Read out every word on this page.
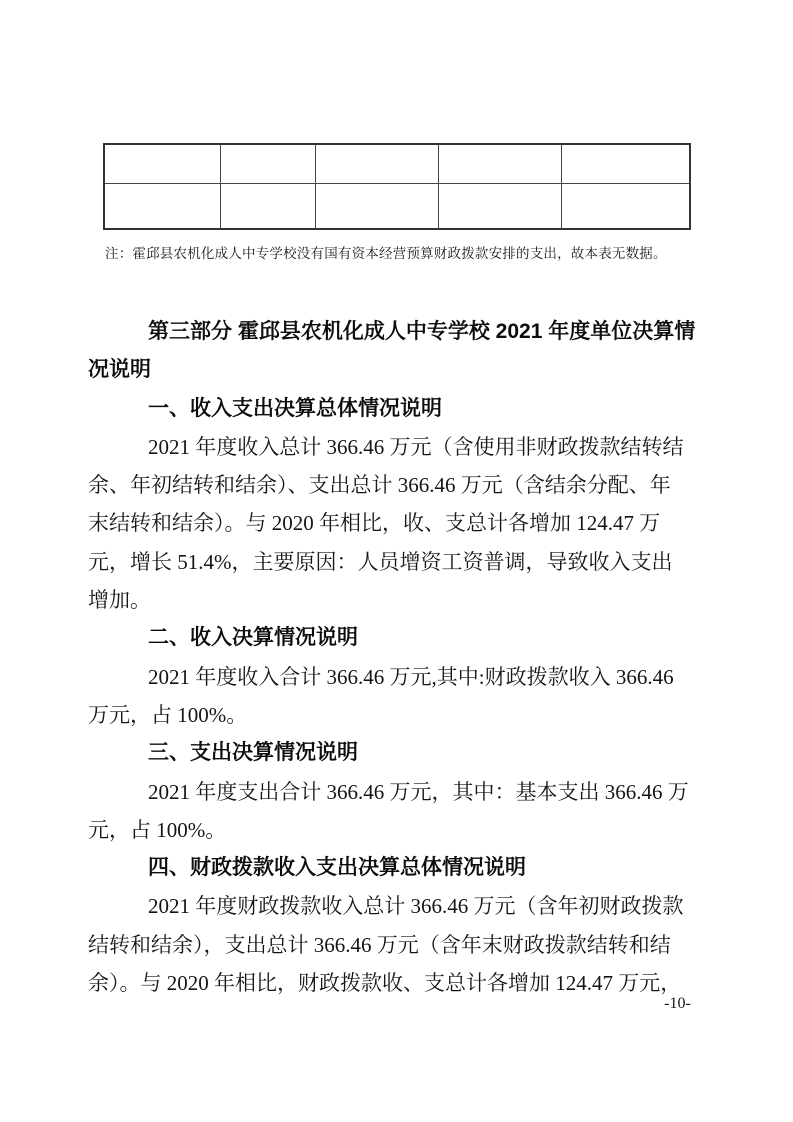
注：霍邱县农机化成人中专学校没有国有资本经营预算财政拨款安排的支出，故本表无数据。
第三部分 霍邱县农机化成人中专学校 2021 年度单位决算情
况说明
一、收入支出决算总体情况说明
2021 年度收入总计 366.46 万元（含使用非财政拨款结转结
余、年初结转和结余）、支出总计 366.46 万元（含结余分配、年
末结转和结余）。与 2020 年相比，收、支总计各增加 124.47 万
元，增长 51.4%，主要原因：人员增资工资普调，导致收入支出
增加。
二、收入决算情况说明
2021 年度收入合计 366.46 万元,其中:财政拨款收入 366.46
万元，占 100%。
三、支出决算情况说明
2021 年度支出合计 366.46 万元，其中：基本支出 366.46 万
元，占 100%。
四、财政拨款收入支出决算总体情况说明
2021 年度财政拨款收入总计 366.46 万元（含年初财政拨款
结转和结余），支出总计 366.46 万元（含年末财政拨款结转和结
余）。与 2020 年相比，财政拨款收、支总计各增加 124.47 万元，
-10-
